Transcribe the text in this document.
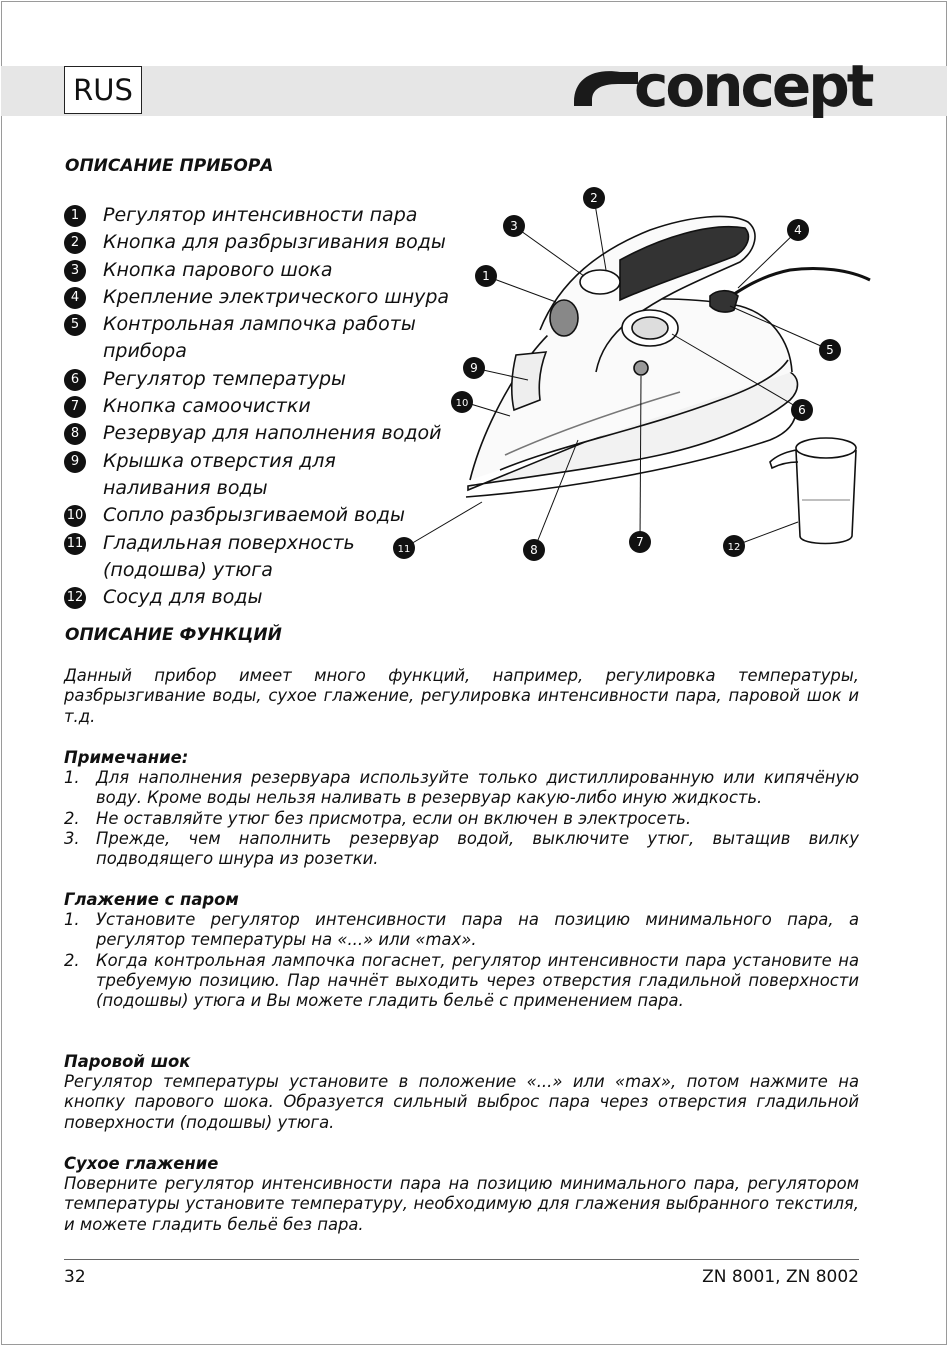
RUS	concept
ОПИСАНИЕ ПРИБОРА
1	Регулятор интенсивности пара
2	Кнопка для разбрызгивания воды
3	Кнопка парового шока
4	Крепление электрического шнура
5	Контрольная лампочка работы прибора
6	Регулятор температуры
7	Кнопка самоочистки
8	Резервуар для наполнения водой
9	Крышка отверстия для наливания воды
10 Сопло разбрызгиваемой воды
11 Гладильная поверхность (подошва) утюга
12 Сосуд для воды
2
3	4
1
5
9
10	6
7
11	8	12
ОПИСАНИЕ ФУНКЦИЙ
Данный прибор имеет много функций, например, регулировка температуры, разбрызгивание воды, сухое глажение, регулировка интенсивности пара, паровой шок и т.д.
Примечание:
1. Для наполнения резервуара используйте только дистиллированную или кипячёную воду. Кроме воды нельзя наливать в резервуар какую-либо иную жидкость.
2. Не оставляйте утюг без присмотра, если он включен в электросеть.
3. Прежде, чем наполнить резервуар водой, выключите утюг, вытащив вилку подводящего шнура из розетки.
Глажение с паром
1. Установите регулятор интенсивности пара на позицию минимального пара, а регулятор температуры на «...» или «max».
2. Когда контрольная лампочка погаснет, регулятор интенсивности пара установите на требуемую позицию. Пар начнёт выходить через отверстия гладильной поверхности (подошвы) утюга и Вы можете гладить бельё с применением пара.
Паровой шок
Регулятор температуры установите в положение «...» или «max», потом нажмите на кнопку парового шока. Образуется сильный выброс пара через отверстия гладильной поверхности (подошвы) утюга.
Сухое глажение
Поверните регулятор интенсивности пара на позицию минимального пара, регулятором температуры установите температуру, необходимую для глажения выбранного текстиля, и можете гладить бельё без пара.
32	ZN 8001, ZN 8002
